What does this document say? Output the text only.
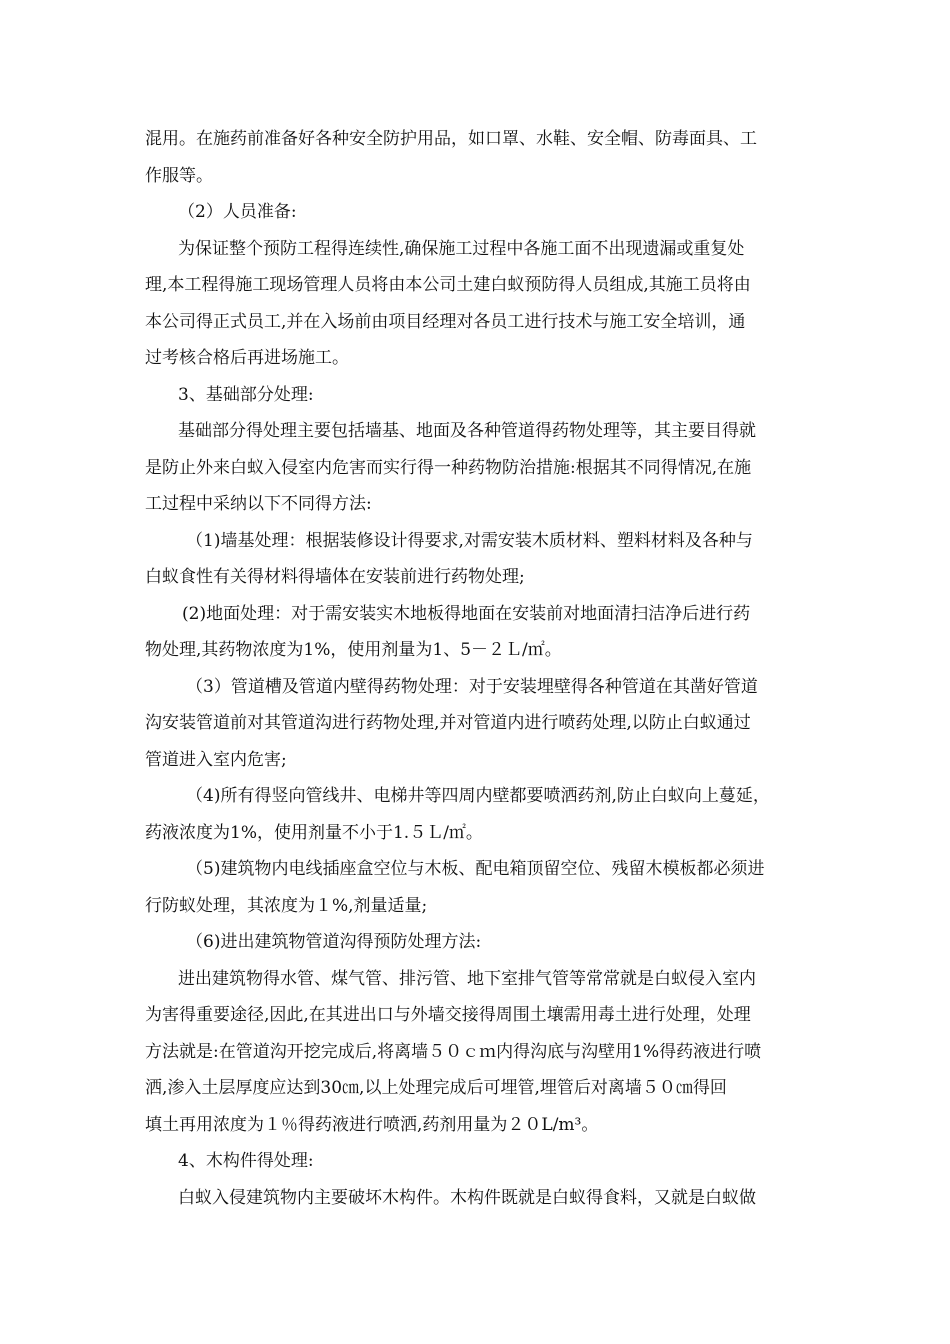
混用。在施药前准备好各种安全防护用品，如口罩、水鞋、安全帽、防毒面具、工
作服等。
（2）人员准备:
为保证整个预防工程得连续性,确保施工过程中各施工面不出现遗漏或重复处
理,本工程得施工现场管理人员将由本公司土建白蚁预防得人员组成,其施工员将由
本公司得正式员工,并在入场前由项目经理对各员工进行技术与施工安全培训，通
过考核合格后再进场施工。
3、基础部分处理:
基础部分得处理主要包括墙基、地面及各种管道得药物处理等，其主要目得就
是防止外来白蚁入侵室内危害而实行得一种药物防治措施:根据其不同得情况,在施
工过程中采纳以下不同得方法:
（1)墙基处理：根据装修设计得要求,对需安装木质材料、塑料材料及各种与
白蚁食性有关得材料得墙体在安装前进行药物处理;
(2)地面处理：对于需安装实木地板得地面在安装前对地面清扫洁净后进行药
物处理,其药物浓度为1%，使用剂量为1、5－２Ｌ/㎡。
（3）管道槽及管道内壁得药物处理：对于安装埋壁得各种管道在其凿好管道
沟安装管道前对其管道沟进行药物处理,并对管道内进行喷药处理,以防止白蚁通过
管道进入室内危害;
（4)所有得竖向管线井、电梯井等四周内壁都要喷洒药剂,防止白蚁向上蔓延，
药液浓度为1%，使用剂量不小于1.５Ｌ/㎡。
（5)建筑物内电线插座盒空位与木板、配电箱顶留空位、残留木模板都必须进
行防蚁处理，其浓度为１%,剂量适量;
（6)进出建筑物管道沟得预防处理方法:
进出建筑物得水管、煤气管、排污管、地下室排气管等常常就是白蚁侵入室内
为害得重要途径,因此,在其进出口与外墙交接得周围土壤需用毒土进行处理，处理
方法就是:在管道沟开挖完成后,将离墙５０ｃｍ内得沟底与沟壁用1%得药液进行喷
洒,渗入土层厚度应达到30㎝,以上处理完成后可埋管,埋管后对离墙５０㎝得回
填土再用浓度为１％得药液进行喷洒,药剂用量为２０L/m³。
4、木构件得处理:
白蚁入侵建筑物内主要破坏木构件。木构件既就是白蚁得食料，又就是白蚁做
